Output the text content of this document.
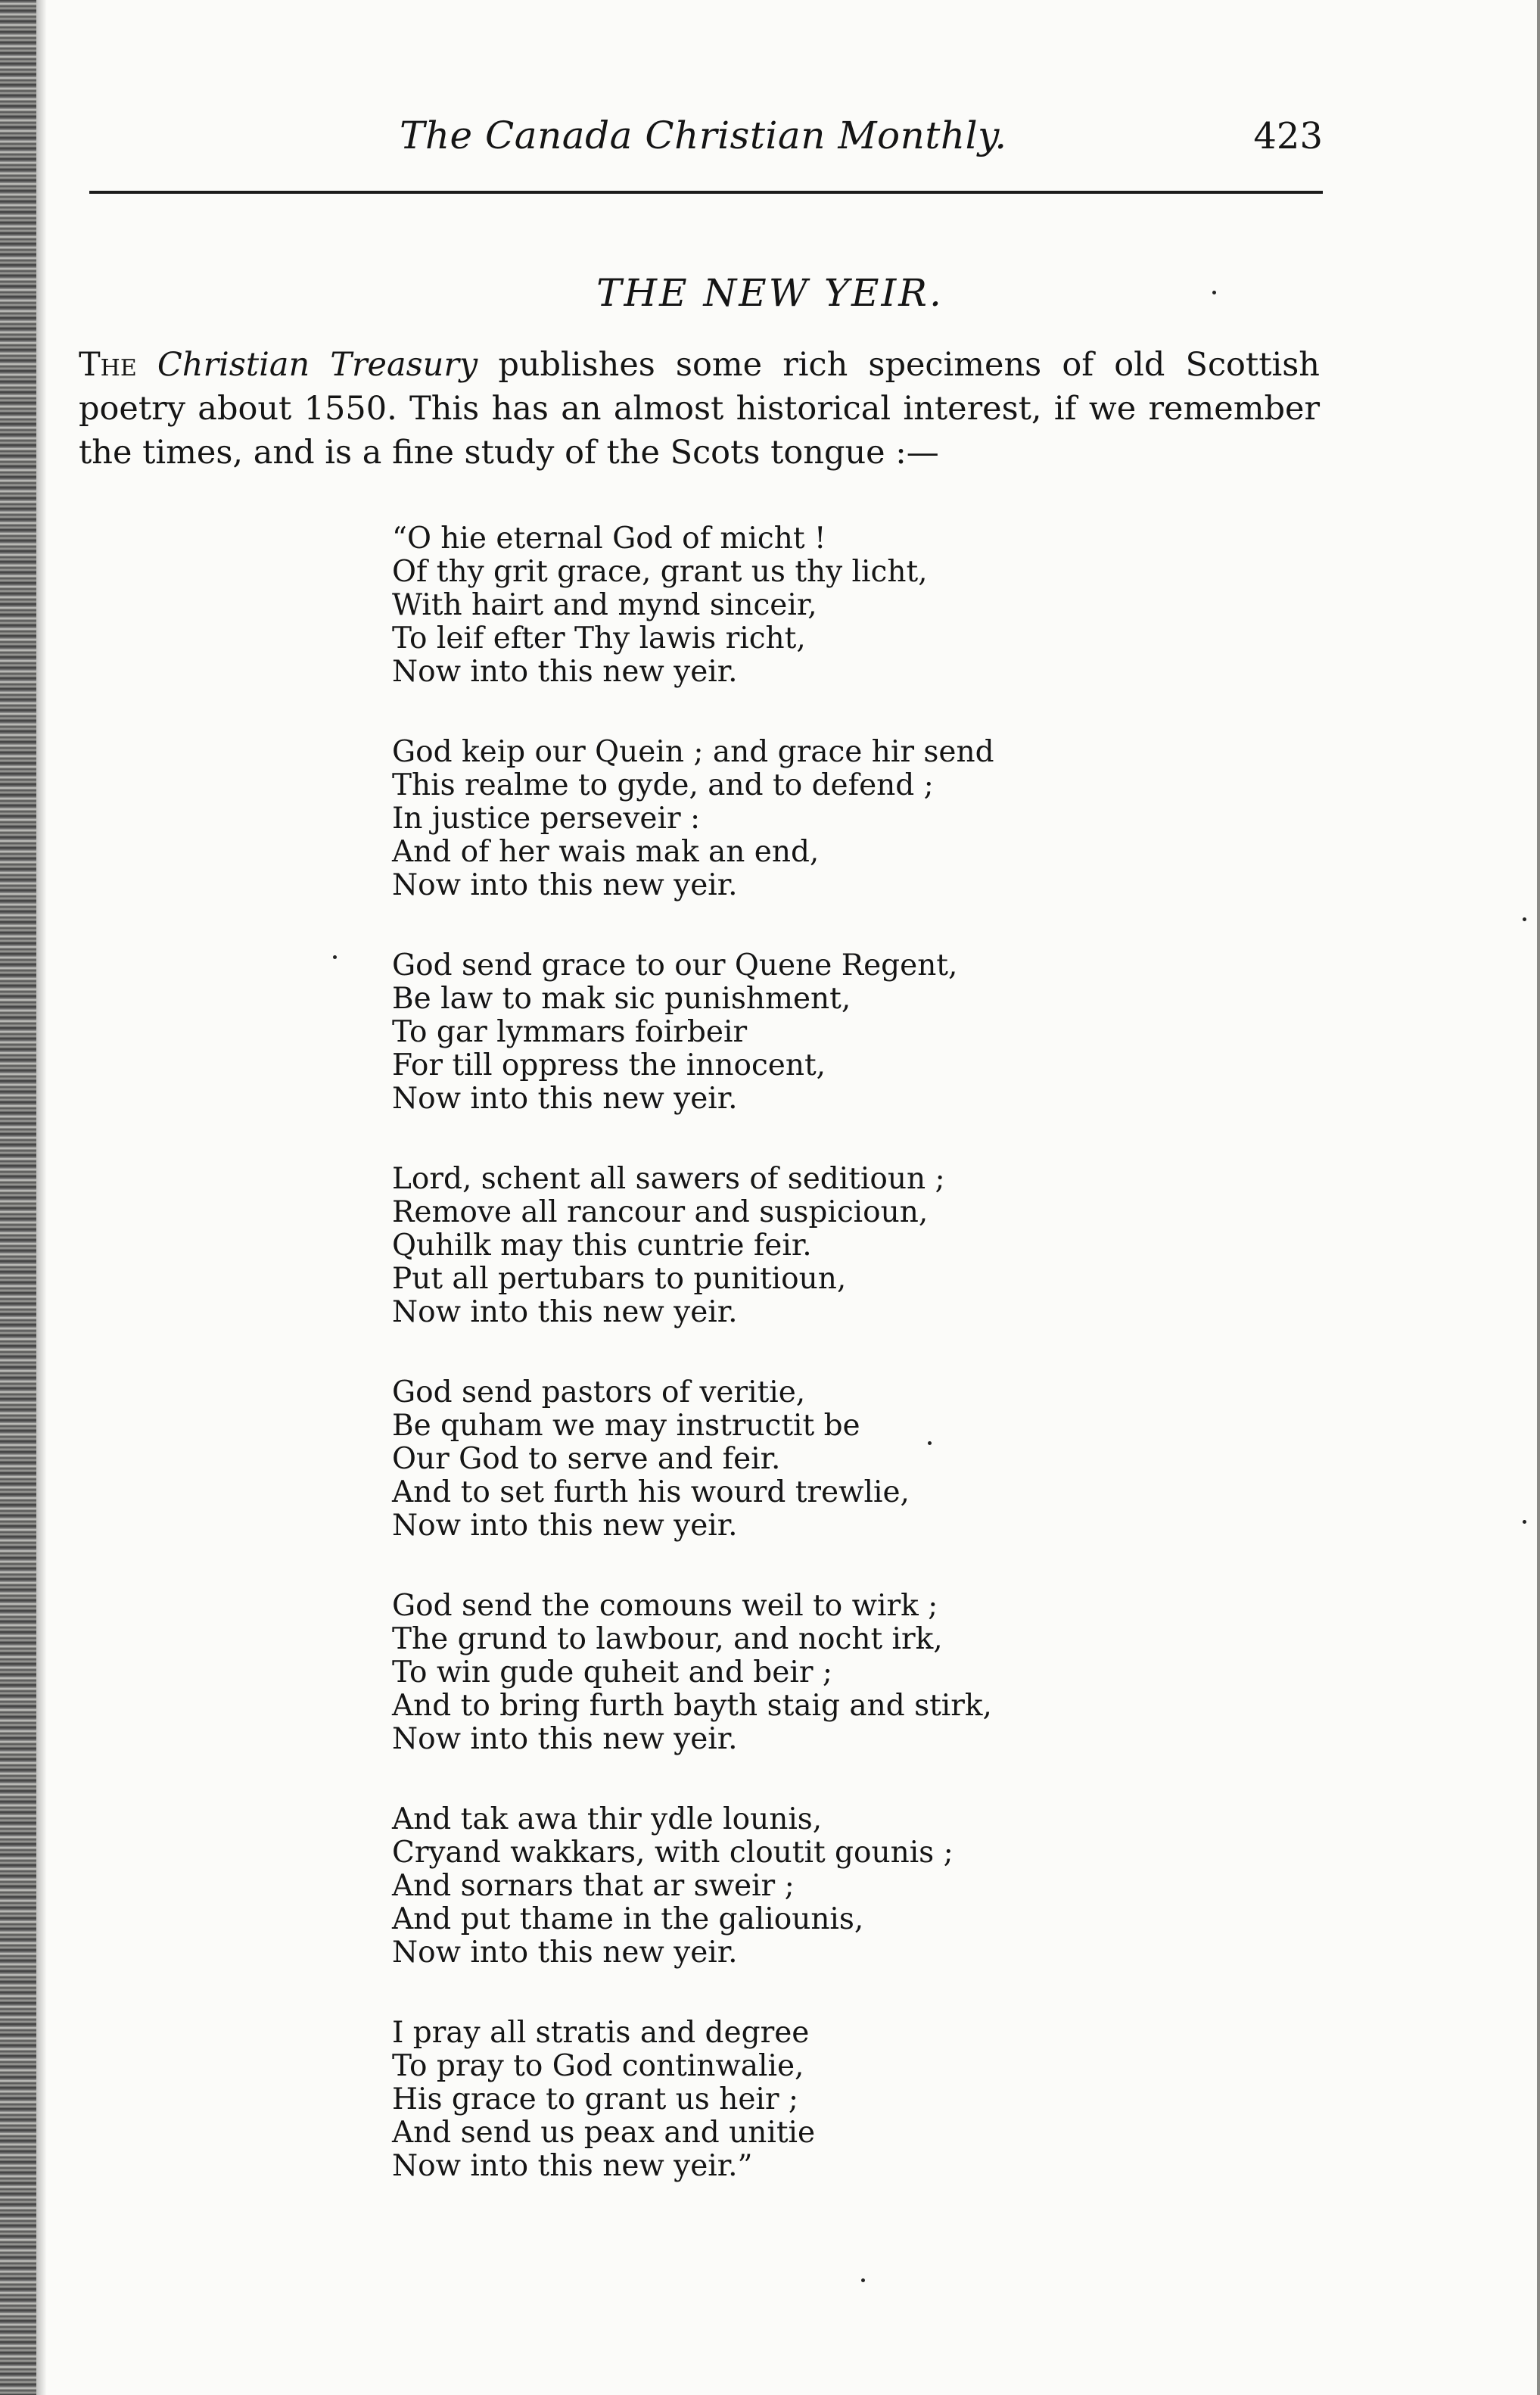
The Canada Christian Monthly.	423
THE NEW YEIR.

The Christian Treasury publishes some rich specimens of old Scottish poetry about 1550. This has an almost historical interest, if we remember the times, and is a fine study of the Scots tongue :—

“O hie eternal God of micht !
Of thy grit grace, grant us thy licht,
With hairt and mynd sinceir,
To leif efter Thy lawis richt,
Now into this new yeir.
God keip our Quein ; and grace hir send
This realme to gyde, and to defend ;
In justice perseveir :
And of her wais mak an end,
Now into this new yeir.
God send grace to our Quene Regent,
Be law to mak sic punishment,
To gar lymmars foirbeir
For till oppress the innocent,
Now into this new yeir.
Lord, schent all sawers of seditioun ;
Remove all rancour and suspicioun,
Quhilk may this cuntrie feir.
Put all pertubars to punitioun,
Now into this new yeir.
God send pastors of veritie,
Be quham we may instructit be
Our God to serve and feir.
And to set furth his wourd trewlie,
Now into this new yeir.
God send the comouns weil to wirk ;
The grund to lawbour, and nocht irk,
To win gude quheit and beir ;
And to bring furth bayth staig and stirk,
Now into this new yeir.
And tak awa thir ydle lounis,
Cryand wakkars, with cloutit gounis ;
And sornars that ar sweir ;
And put thame in the galiounis,
Now into this new yeir.
I pray all stratis and degree
To pray to God continwalie,
His grace to grant us heir ;
And send us peax and unitie
Now into this new yeir.”
